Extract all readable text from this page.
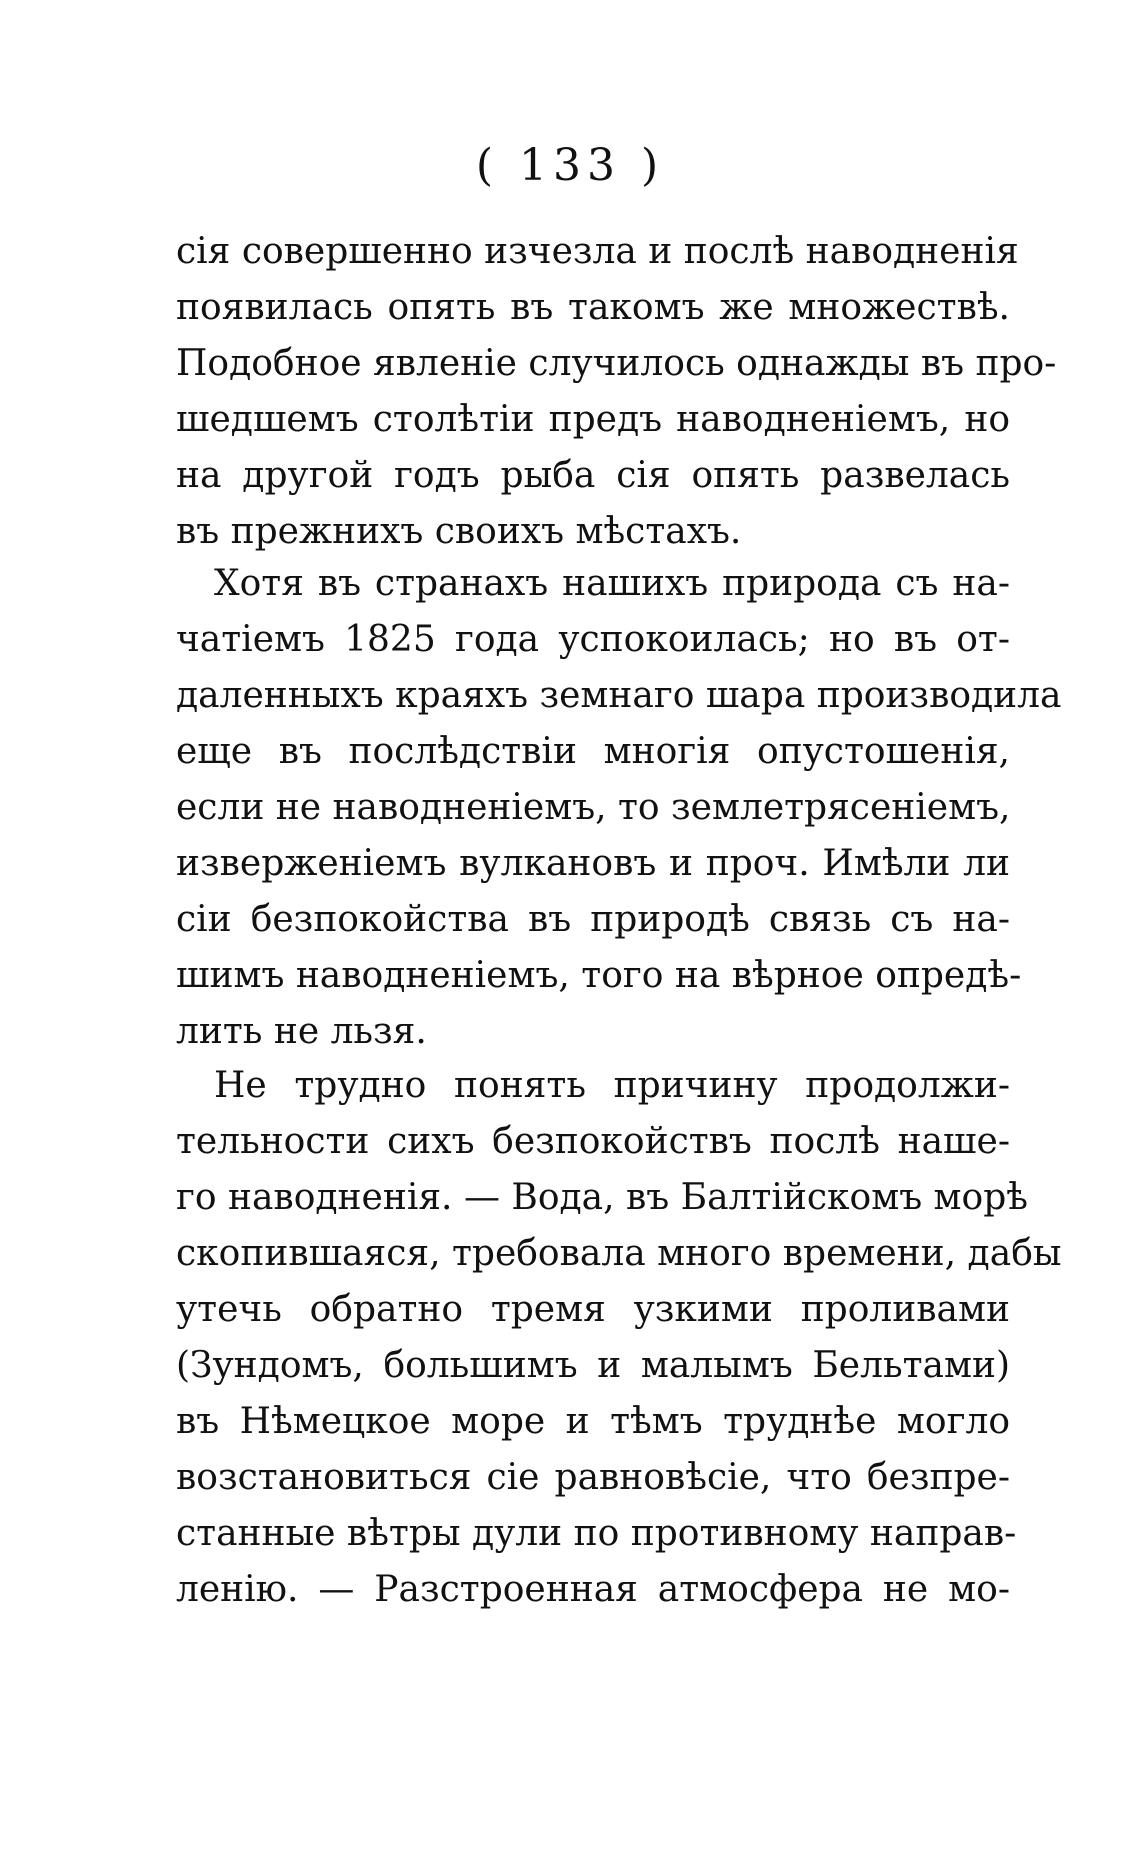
( 133 )
сія совершенно изчезла и послѣ наводненія
появилась опять въ такомъ же множествѣ.
Подобное явленіе случилось однажды въ про-
шедшемъ столѣтіи предъ наводненіемъ, но
на другой годъ рыба сія опять развелась
въ прежнихъ своихъ мѣстахъ.
Хотя въ странахъ нашихъ природа съ на-
чатіемъ 1825 года успокоилась; но въ от-
даленныхъ краяхъ земнаго шара производила
еще въ послѣдствіи многія опустошенія,
если не наводненіемъ, то землетрясеніемъ,
изверженіемъ вулкановъ и проч. Имѣли ли
сіи безпокойства въ природѣ связь съ на-
шимъ наводненіемъ, того на вѣрное опредѣ-
лить не льзя.
Не трудно понять причину продолжи-
тельности сихъ безпокойствъ послѣ наше-
го наводненія. — Вода, въ Балтійскомъ морѣ
скопившаяся, требовала много времени, дабы
утечь обратно тремя узкими проливами
(Зундомъ, большимъ и малымъ Бельтами)
въ Нѣмецкое море и тѣмъ труднѣе могло
возстановиться сіе равновѣсіе, что безпре-
станные вѣтры дули по противному направ-
ленію. — Разстроенная атмосфера не мо-
